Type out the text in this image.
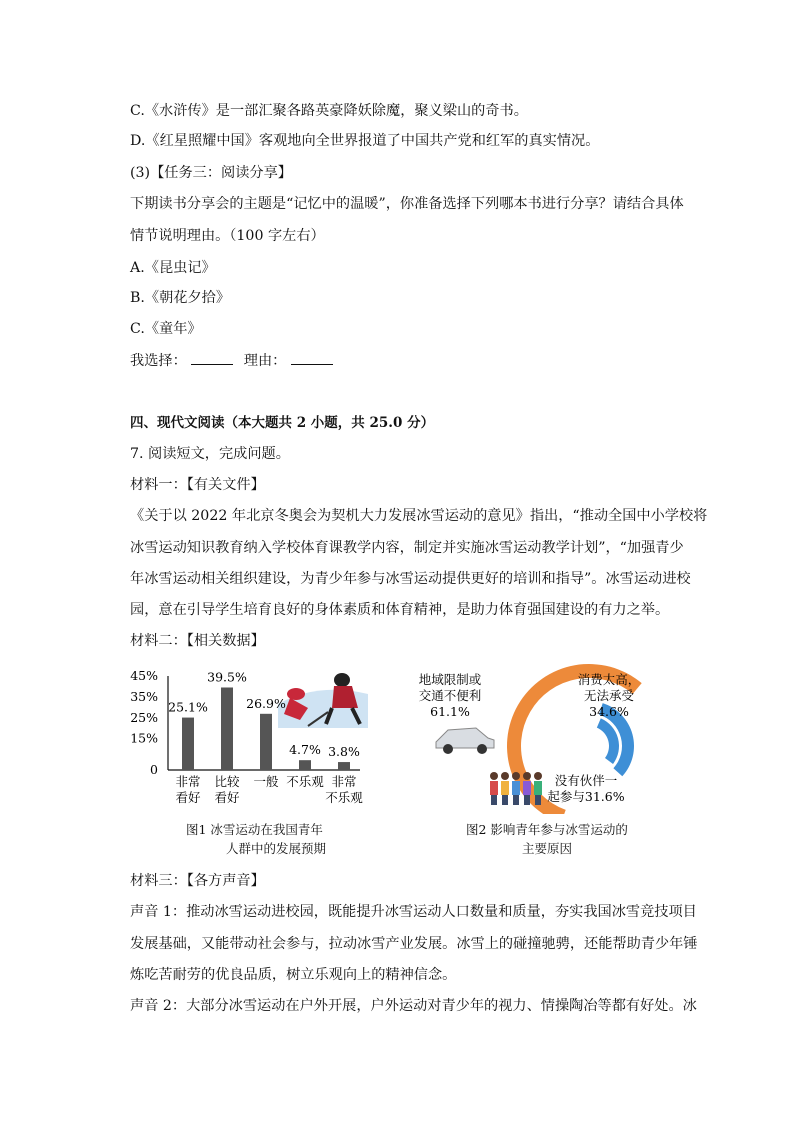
C.《水浒传》是一部汇聚各路英豪降妖除魔，聚义梁山的奇书。
D.《红星照耀中国》客观地向全世界报道了中国共产党和红军的真实情况。
(3)【任务三：阅读分享】
下期读书分享会的主题是“记忆中的温暖”，你准备选择下列哪本书进行分享？请结合具体
情节说明理由。（100 字左右）
A.《昆虫记》
B.《朝花夕拾》
C.《童年》
我选择：	理由：
四、现代文阅读（本大题共 2 小题，共 25.0 分）
7. 阅读短文，完成问题。
材料一：【有关文件】
《关于以 2022 年北京冬奥会为契机大力发展冰雪运动的意见》指出，“推动全国中小学校将
冰雪运动知识教育纳入学校体育课教学内容，制定并实施冰雪运动教学计划”，“加强青少
年冰雪运动相关组织建设，为青少年参与冰雪运动提供更好的培训和指导”。冰雪运动进校
园，意在引导学生培育良好的身体素质和体育精神，是助力体育强国建设的有力之举。
材料二：【相关数据】
45%
35%
25%
15%
0
25.1%
非常
看好
39.5%
比较
看好
26.9%
一般
4.7%
不乐观
3.8%
非常
不乐观
图1 冰雪运动在我国青年
人群中的发展预期
地域限制或
交通不便利
61.1%
消费太高，
无法承受
34.6%
没有伙伴一
起参与31.6%
图2 影响青年参与冰雪运动的
主要原因
材料三：【各方声音】
声音 1：推动冰雪运动进校园，既能提升冰雪运动人口数量和质量，夯实我国冰雪竞技项目
发展基础，又能带动社会参与，拉动冰雪产业发展。冰雪上的碰撞驰骋，还能帮助青少年锤
炼吃苦耐劳的优良品质，树立乐观向上的精神信念。
声音 2：大部分冰雪运动在户外开展，户外运动对青少年的视力、情操陶冶等都有好处。冰
